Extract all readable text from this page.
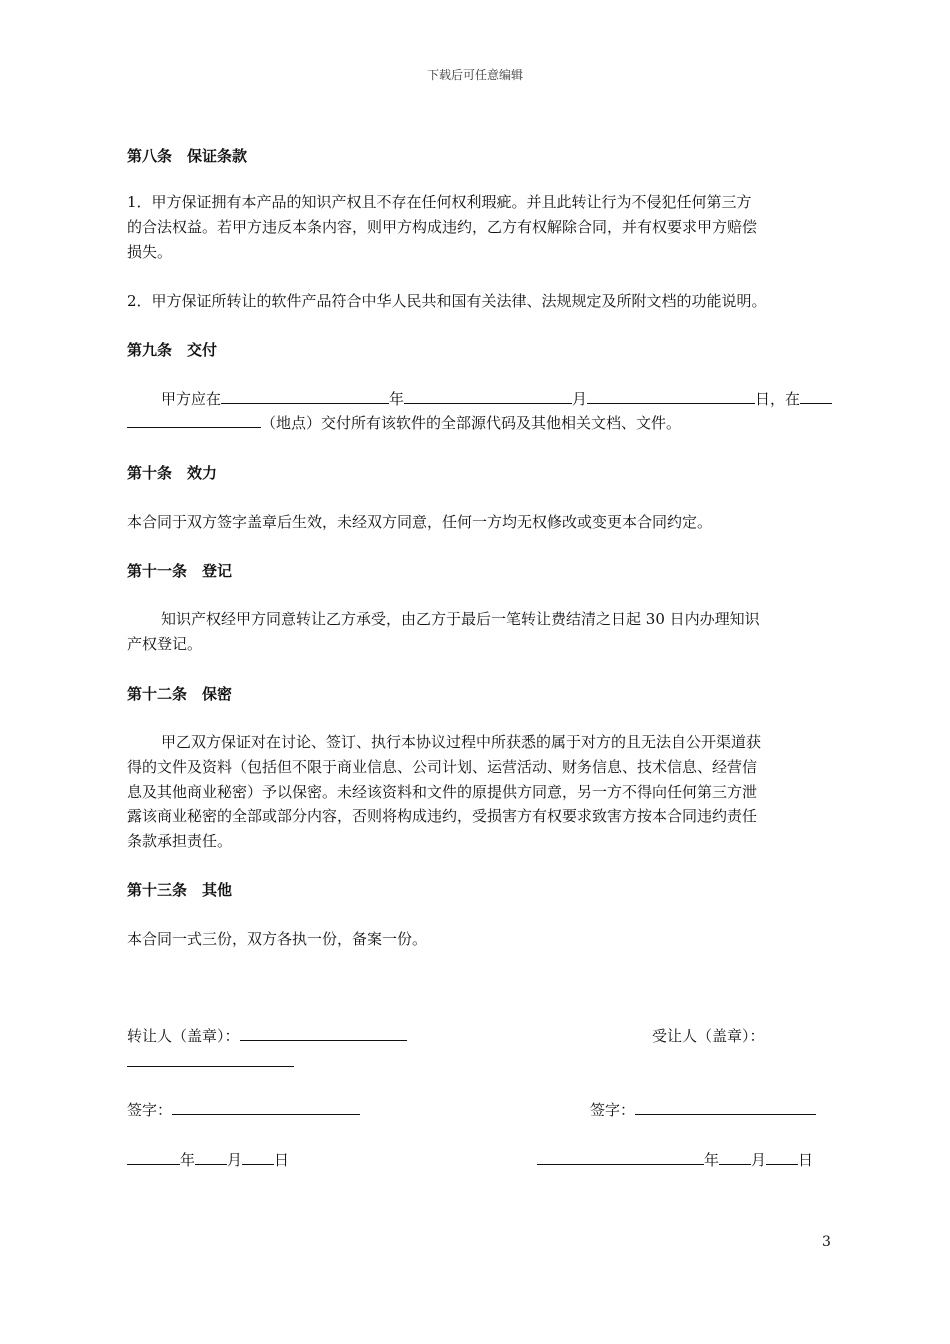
下载后可任意编辑
第八条　保证条款
1．甲方保证拥有本产品的知识产权且不存在任何权利瑕疵。并且此转让行为不侵犯任何第三方
的合法权益。若甲方违反本条内容，则甲方构成违约，乙方有权解除合同，并有权要求甲方赔偿
损失。
2．甲方保证所转让的软件产品符合中华人民共和国有关法律、法规规定及所附文档的功能说明。
第九条　交付
甲方应在	年	月	日，在
（地点）交付所有该软件的全部源代码及其他相关文档、文件。
第十条　效力
本合同于双方签字盖章后生效，未经双方同意，任何一方均无权修改或变更本合同约定。
第十一条　登记
知识产权经甲方同意转让乙方承受，由乙方于最后一笔转让费结清之日起 30 日内办理知识
产权登记。
第十二条　保密
甲乙双方保证对在讨论、签订、执行本协议过程中所获悉的属于对方的且无法自公开渠道获
得的文件及资料（包括但不限于商业信息、公司计划、运营活动、财务信息、技术信息、经营信
息及其他商业秘密）予以保密。未经该资料和文件的原提供方同意，另一方不得向任何第三方泄
露该商业秘密的全部或部分内容，否则将构成违约，受损害方有权要求致害方按本合同违约责任
条款承担责任。
第十三条　其他
本合同一式三份，双方各执一份，备案一份。
转让人（盖章）：	受让人（盖章）：
签字：	签字：
年 月 日	年 月 日
3
